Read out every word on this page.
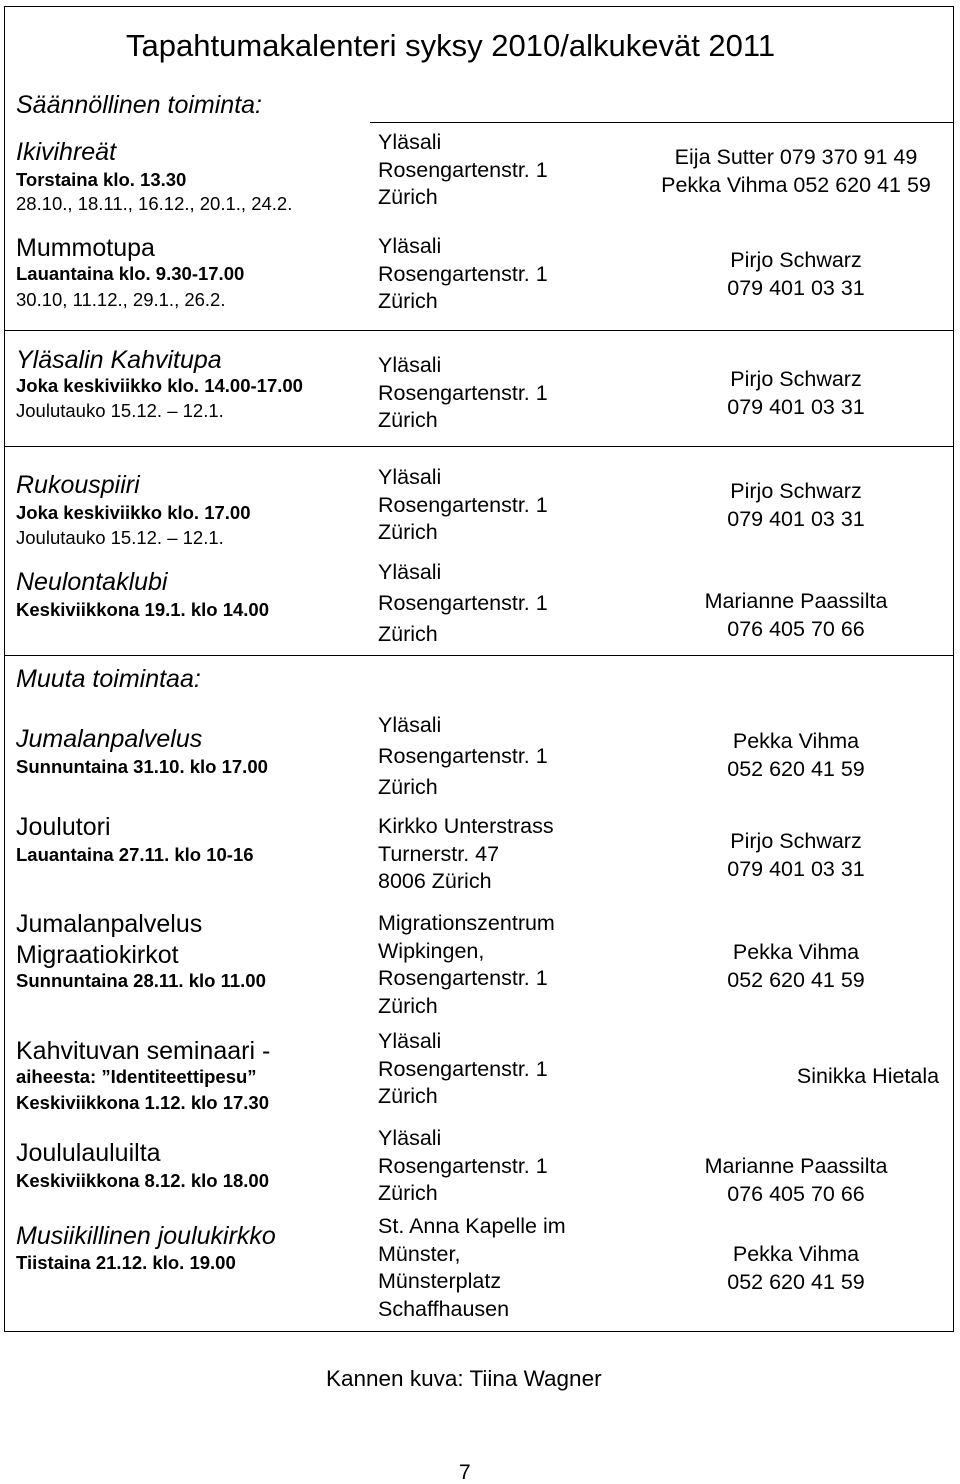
Tapahtumakalenteri syksy 2010/alkukevät 2011
Säännöllinen toiminta:
Ikivihreät
Torstaina klo. 13.30
28.10., 18.11., 16.12., 20.1., 24.2.
Yläsali
Rosengartenstr. 1
Zürich
Eija Sutter 079 370 91 49
Pekka Vihma 052 620 41 59
Mummotupa
Lauantaina klo. 9.30-17.00
30.10, 11.12., 29.1., 26.2.
Yläsali
Rosengartenstr. 1
Zürich
Pirjo Schwarz
079 401 03 31
Yläsalin Kahvitupa
Joka keskiviikko klo. 14.00-17.00
Joulutauko 15.12. – 12.1.
Yläsali
Rosengartenstr. 1
Zürich
Pirjo Schwarz
079 401 03 31
Rukouspiiri
Joka keskiviikko klo. 17.00
Joulutauko 15.12. – 12.1.
Yläsali
Rosengartenstr. 1
Zürich
Pirjo Schwarz
079 401 03 31
Neulontaklubi
Keskiviikkona 19.1. klo 14.00
Yläsali
Rosengartenstr. 1
Zürich
Marianne Paassilta
076 405 70 66
Muuta toimintaa:
Jumalanpalvelus
Sunnuntaina 31.10. klo 17.00
Yläsali
Rosengartenstr. 1
Zürich
Pekka Vihma
052 620 41 59
Joulutori
Lauantaina 27.11. klo 10-16
Kirkko Unterstrass
Turnerstr. 47
8006 Zürich
Pirjo Schwarz
079 401 03 31
Jumalanpalvelus
Migraatiokirkot
Sunnuntaina 28.11. klo 11.00
Migrationszentrum
Wipkingen,
Rosengartenstr. 1
Zürich
Pekka Vihma
052 620 41 59
Kahvituvan seminaari -
aiheesta: ”Identiteettipesu”
Keskiviikkona 1.12. klo 17.30
Yläsali
Rosengartenstr. 1
Zürich
Sinikka Hietala
Joululauluilta
Keskiviikkona 8.12. klo 18.00
Yläsali
Rosengartenstr. 1
Zürich
Marianne Paassilta
076 405 70 66
Musiikillinen joulukirkko
Tiistaina 21.12. klo. 19.00
St. Anna Kapelle im
Münster,
Münsterplatz
Schaffhausen
Pekka Vihma
052 620 41 59
Kannen kuva: Tiina Wagner
7
